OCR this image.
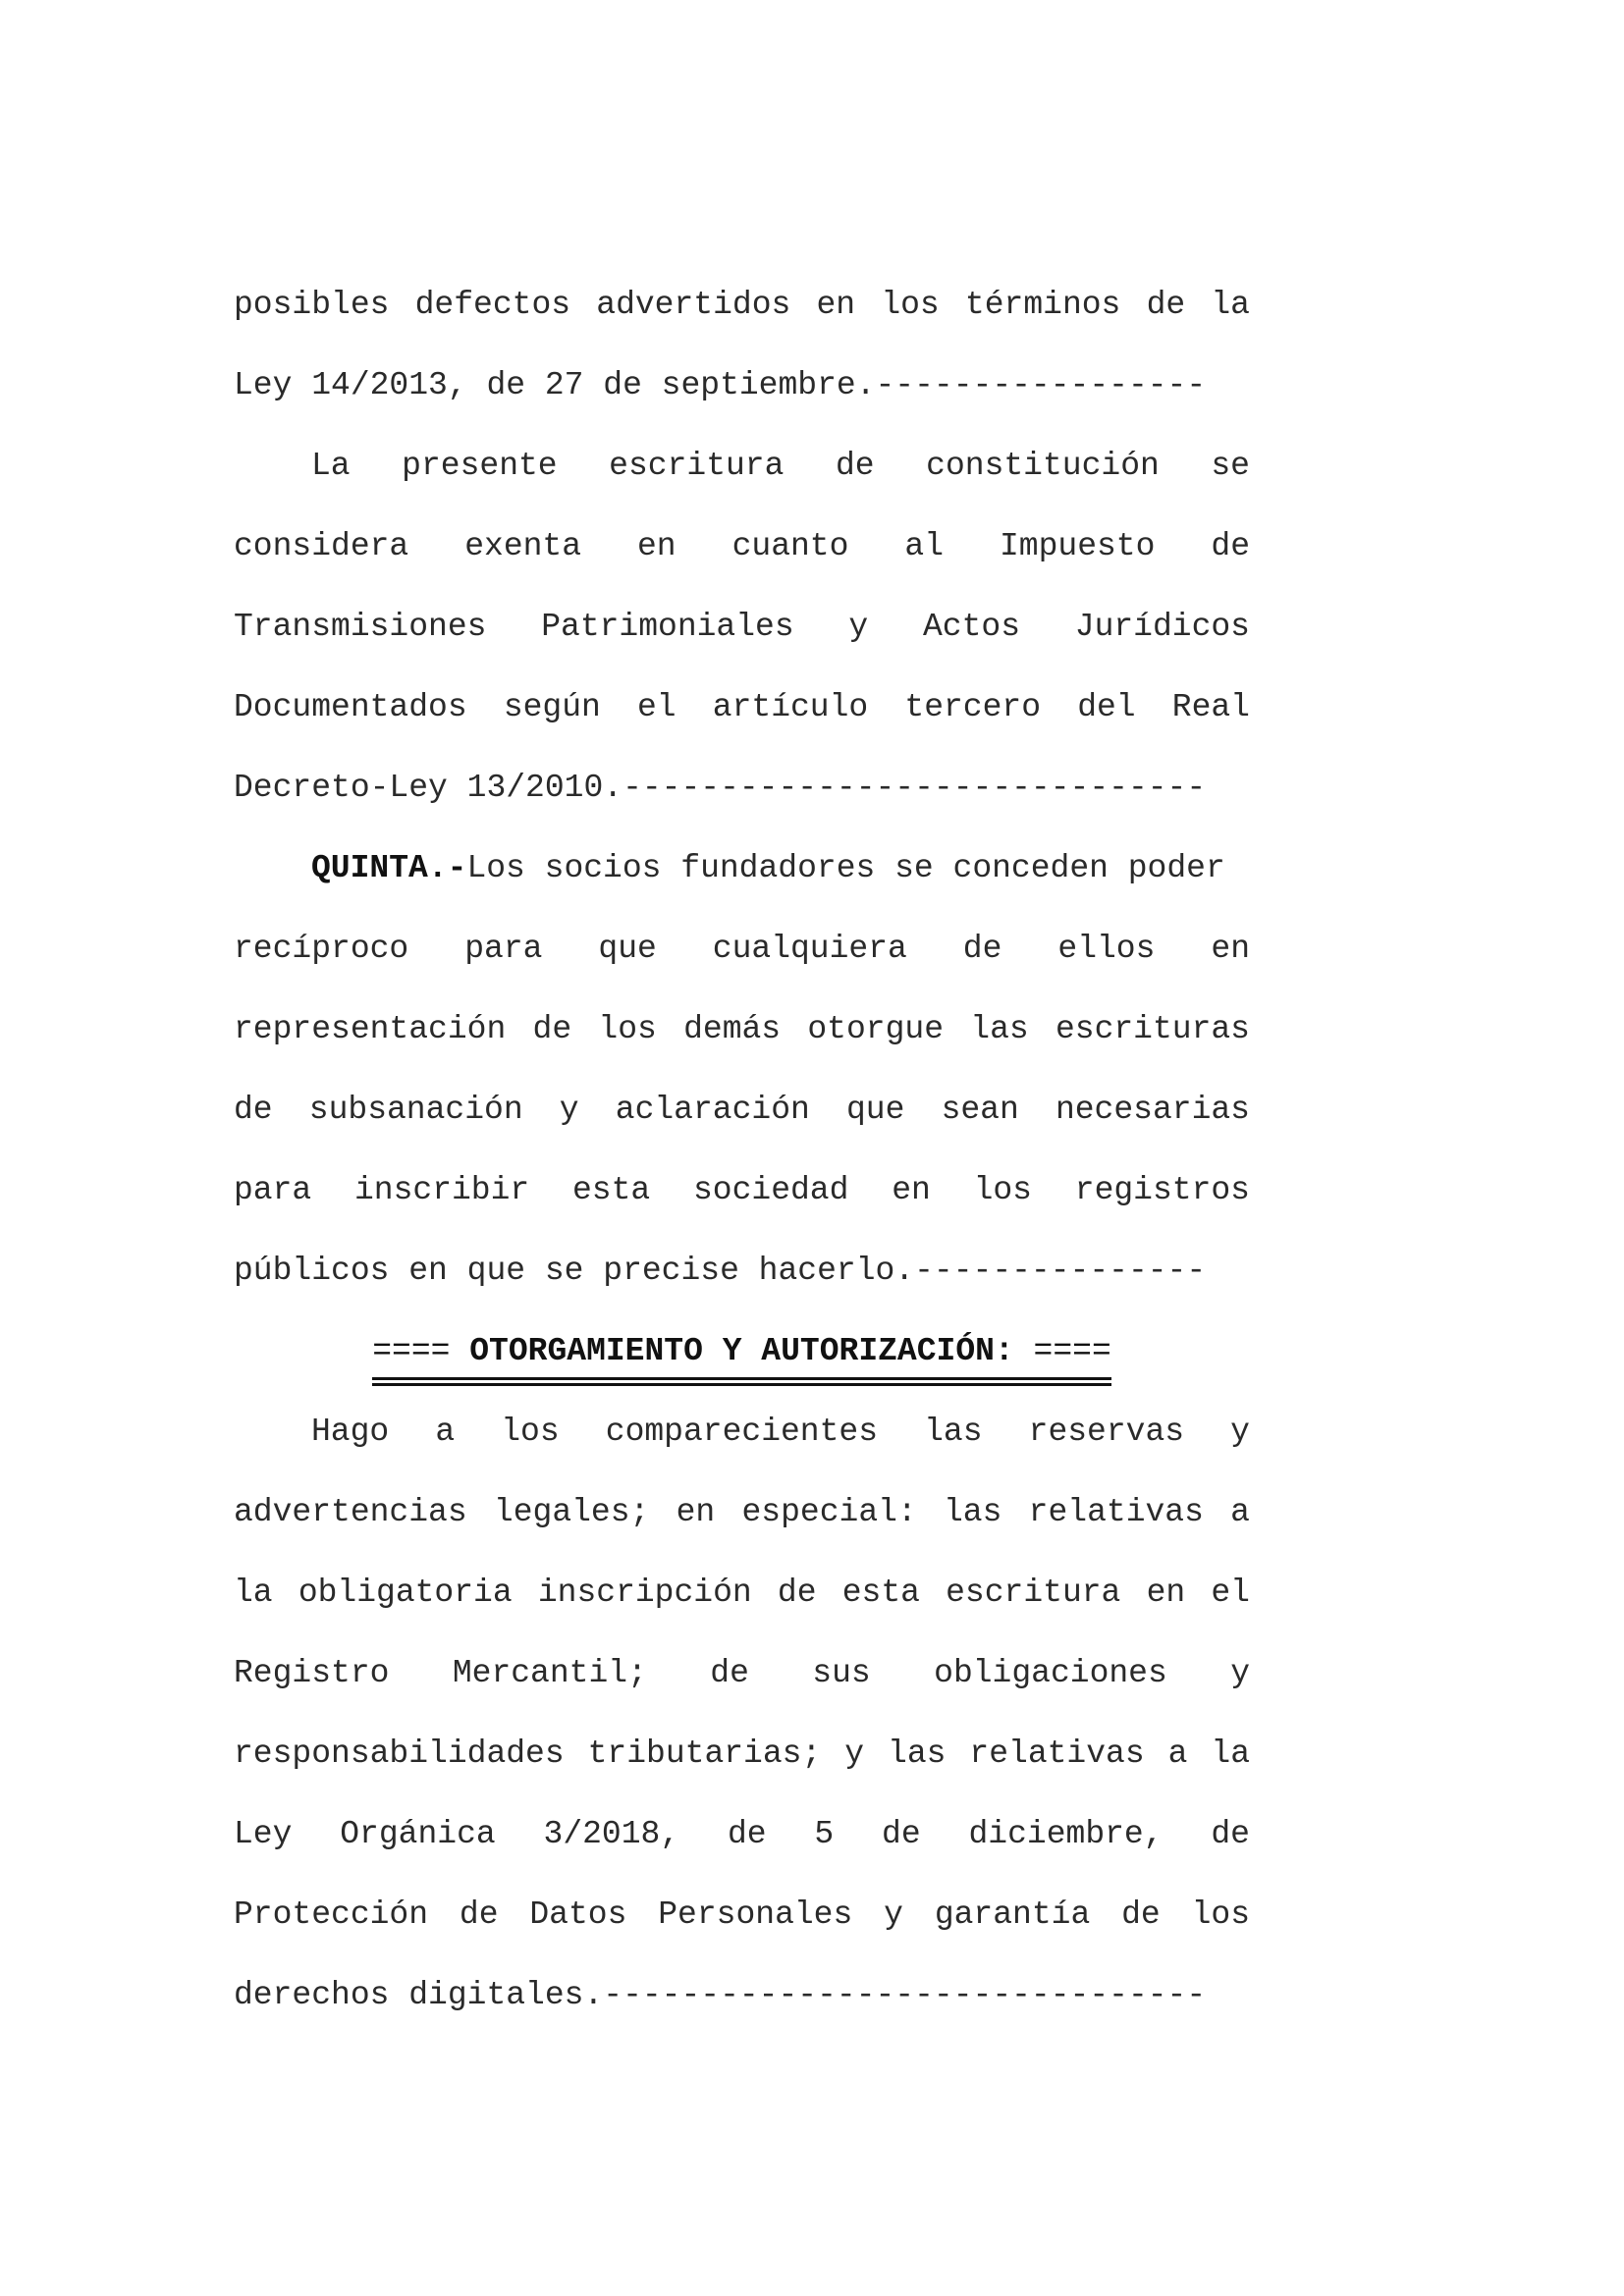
posibles defectos advertidos en los términos de la
Ley 14/2013, de 27 de septiembre.-----------------
La presente escritura de constitución se
considera exenta en cuanto al Impuesto de
Transmisiones Patrimoniales y Actos Jurídicos
Documentados según el artículo tercero del Real
Decreto-Ley 13/2010.------------------------------
QUINTA.-Los socios fundadores se conceden poder
recíproco para que cualquiera de ellos en
representación de los demás otorgue las escrituras
de subsanación y aclaración que sean necesarias
para inscribir esta sociedad en los registros
públicos en que se precise hacerlo.---------------
==== OTORGAMIENTO Y AUTORIZACIÓN: ====
Hago a los comparecientes las reservas y
advertencias legales; en especial: las relativas a
la obligatoria inscripción de esta escritura en el
Registro Mercantil; de sus obligaciones y
responsabilidades tributarias; y las relativas a la
Ley Orgánica 3/2018, de 5 de diciembre, de
Protección de Datos Personales y garantía de los
derechos digitales.-------------------------------
